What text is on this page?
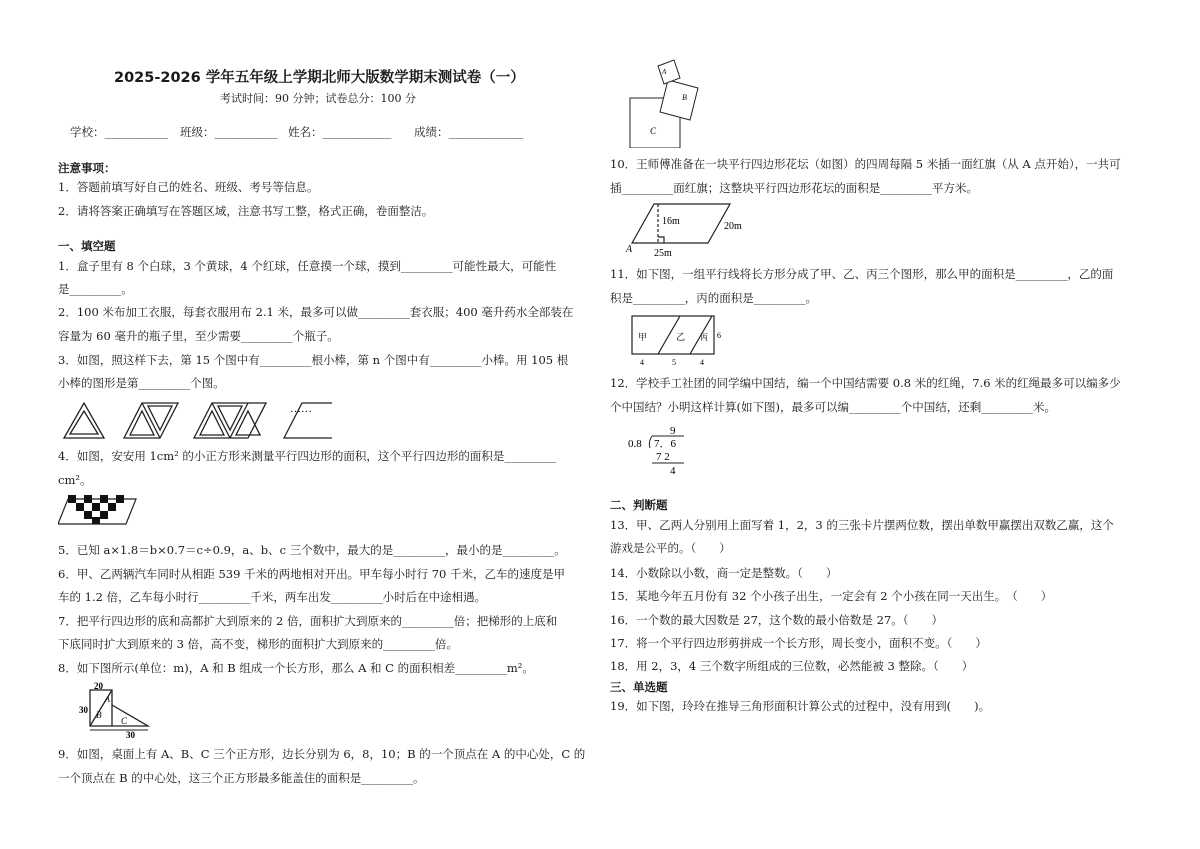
2025-2026 学年五年级上学期北师大版数学期末测试卷（一）
考试时间：90 分钟；试卷总分：100 分
学校：___________ 班级：___________ 姓名：____________ 成绩：_____________
注意事项：
1．答题前填写好自己的姓名、班级、考号等信息。
2．请将答案正确填写在答题区域，注意书写工整，格式正确，卷面整洁。
一、填空题
1．盒子里有 8 个白球，3 个黄球，4 个红球，任意摸一个球，摸到_________可能性最大，可能性
是_________。
2．100 米布加工衣服，每套衣服用布 2.1 米，最多可以做_________套衣服；400 毫升药水全部装在
容量为 60 毫升的瓶子里，至少需要_________个瓶子。
3．如图，照这样下去，第 15 个图中有_________根小棒，第 n 个图中有_________小棒。用 105 根
小棒的图形是第_________个图。
……
4．如图，安安用 1cm² 的小正方形来测量平行四边形的面积，这个平行四边形的面积是_________
cm²。
5．已知 a×1.8＝b×0.7＝c÷0.9，a、b、c 三个数中，最大的是_________，最小的是_________。
6．甲、乙两辆汽车同时从相距 539 千米的两地相对开出。甲车每小时行 70 千米，乙车的速度是甲
车的 1.2 倍，乙车每小时行_________千米，两车出发_________小时后在中途相遇。
7．把平行四边形的底和高都扩大到原来的 2 倍，面积扩大到原来的_________倍；把梯形的上底和
下底同时扩大到原来的 3 倍，高不变，梯形的面积扩大到原来的_________倍。
8．如下图所示(单位：m)，A 和 B 组成一个长方形，那么 A 和 C 的面积相差_________m²。
20
30
30
A
B
C
9．如图，桌面上有 A、B、C 三个正方形，边长分别为 6，8，10；B 的一个顶点在 A 的中心处，C 的
一个顶点在 B 的中心处，这三个正方形最多能盖住的面积是_________。
A
B
C
10．王师傅准备在一块平行四边形花坛（如图）的四周每隔 5 米插一面红旗（从 A 点开始），一共可
插_________面红旗；这整块平行四边形花坛的面积是_________平方米。
16m	20m
25m
A
11．如下图，一组平行线将长方形分成了甲、乙、丙三个图形，那么甲的面积是_________，乙的面
积是_________，丙的面积是_________。
甲	乙 丙 6
4	5	4
12．学校手工社团的同学编中国结，编一个中国结需要 0.8 米的红绳，7.6 米的红绳最多可以编多少
个中国结？小明这样计算(如下图)，最多可以编_________个中国结，还剩_________米。
9
0.8 7．6
7 2
4
二、判断题
13．甲、乙两人分别用上面写着 1，2，3 的三张卡片摆两位数，摆出单数甲赢摆出双数乙赢，这个
游戏是公平的。（　　）
14．小数除以小数，商一定是整数。（　　）
15．某地今年五月份有 32 个小孩子出生，一定会有 2 个小孩在同一天出生。　（　　）
16．一个数的最大因数是 27，这个数的最小倍数是 27。（　　）
17．将一个平行四边形剪拼成一个长方形，周长变小，面积不变。（　　）
18．用 2，3，4 三个数字所组成的三位数，必然能被 3 整除。（　　）
三、单选题
19．如下图，玲玲在推导三角形面积计算公式的过程中，没有用到(　　)。
